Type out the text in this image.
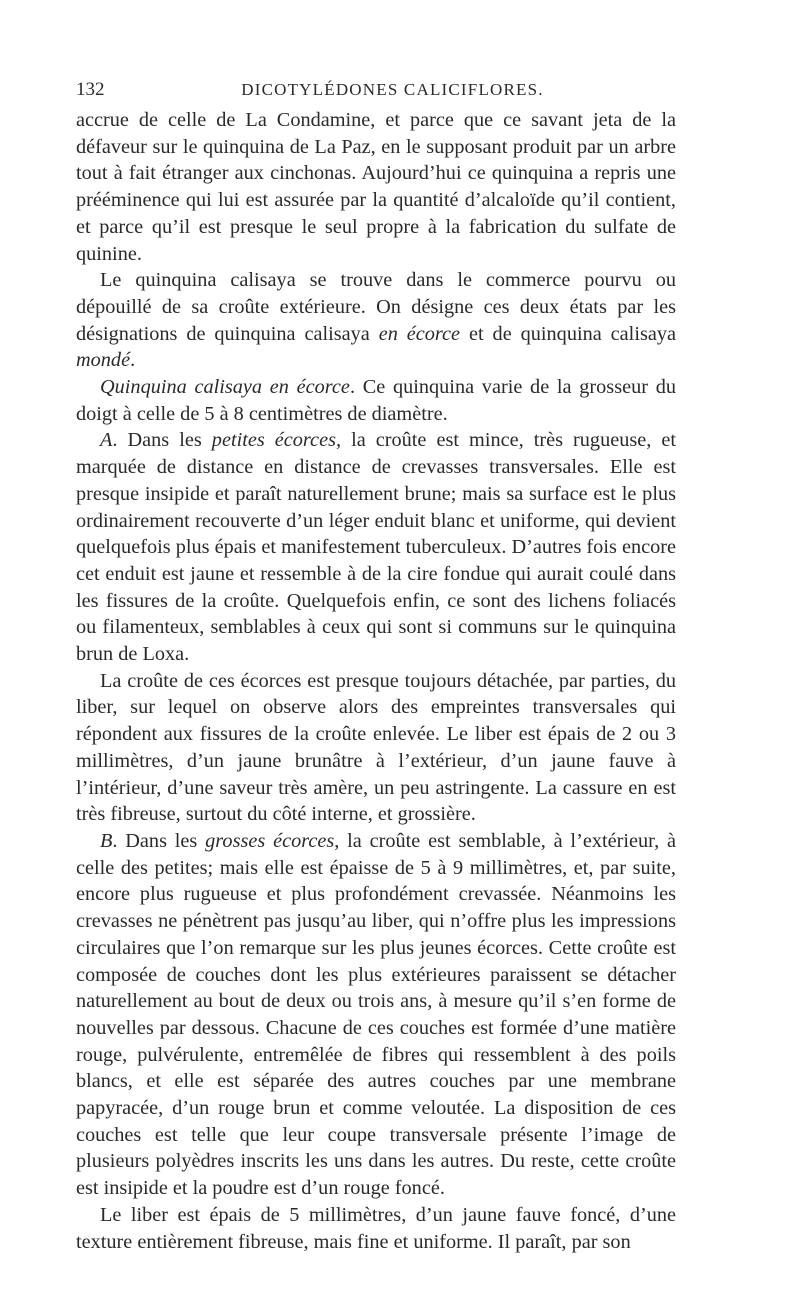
132	DICOTYLÉDONES CALICIFLORES.

accrue de celle de La Condamine, et parce que ce savant jeta de la défaveur sur le quinquina de La Paz, en le supposant produit par un arbre tout à fait étranger aux cinchonas. Aujourd’hui ce quinquina a repris une prééminence qui lui est assurée par la quantité d’alcaloïde qu’il contient, et parce qu’il est presque le seul propre à la fabrication du sulfate de quinine.

Le quinquina calisaya se trouve dans le commerce pourvu ou dépouillé de sa croûte extérieure. On désigne ces deux états par les désignations de quinquina calisaya en écorce et de quinquina calisaya mondé.

Quinquina calisaya en écorce. Ce quinquina varie de la grosseur du doigt à celle de 5 à 8 centimètres de diamètre.

A. Dans les petites écorces, la croûte est mince, très rugueuse, et marquée de distance en distance de crevasses transversales. Elle est presque insipide et paraît naturellement brune; mais sa surface est le plus ordinairement recouverte d’un léger enduit blanc et uniforme, qui devient quelquefois plus épais et manifestement tuberculeux. D’autres fois encore cet enduit est jaune et ressemble à de la cire fondue qui aurait coulé dans les fissures de la croûte. Quelquefois enfin, ce sont des lichens foliacés ou filamenteux, semblables à ceux qui sont si communs sur le quinquina brun de Loxa.

La croûte de ces écorces est presque toujours détachée, par parties, du liber, sur lequel on observe alors des empreintes transversales qui répondent aux fissures de la croûte enlevée. Le liber est épais de 2 ou 3 millimètres, d’un jaune brunâtre à l’extérieur, d’un jaune fauve à l’intérieur, d’une saveur très amère, un peu astringente. La cassure en est très fibreuse, surtout du côté interne, et grossière.

B. Dans les grosses écorces, la croûte est semblable, à l’extérieur, à celle des petites; mais elle est épaisse de 5 à 9 millimètres, et, par suite, encore plus rugueuse et plus profondément crevassée. Néanmoins les crevasses ne pénètrent pas jusqu’au liber, qui n’offre plus les impressions circulaires que l’on remarque sur les plus jeunes écorces. Cette croûte est composée de couches dont les plus extérieures paraissent se détacher naturellement au bout de deux ou trois ans, à mesure qu’il s’en forme de nouvelles par dessous. Chacune de ces couches est formée d’une matière rouge, pulvérulente, entremêlée de fibres qui ressemblent à des poils blancs, et elle est séparée des autres couches par une membrane papyracée, d’un rouge brun et comme veloutée. La disposition de ces couches est telle que leur coupe transversale présente l’image de plusieurs polyèdres inscrits les uns dans les autres. Du reste, cette croûte est insipide et la poudre est d’un rouge foncé.

Le liber est épais de 5 millimètres, d’un jaune fauve foncé, d’une texture entièrement fibreuse, mais fine et uniforme. Il paraît, par son
